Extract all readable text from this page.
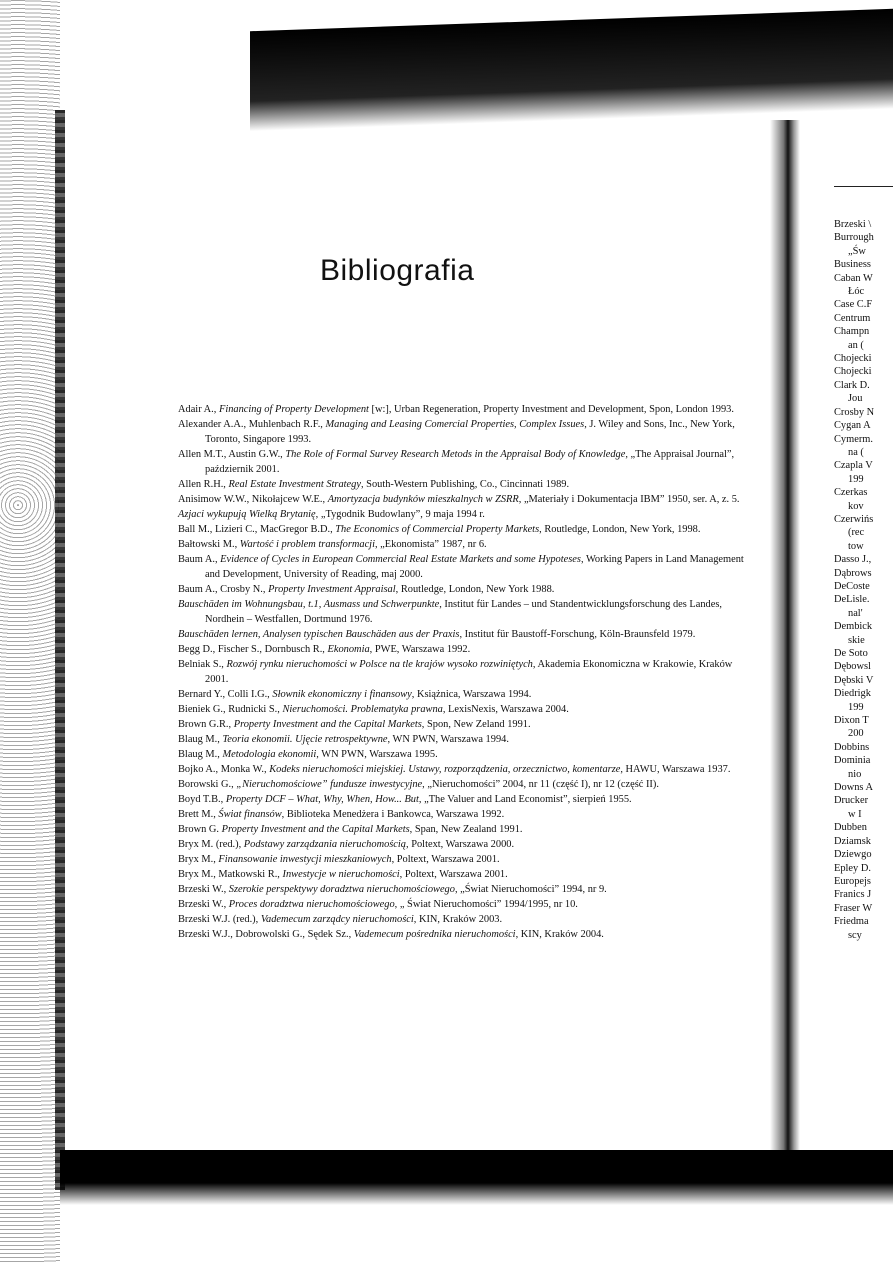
Bibliografia
Adair A., Financing of Property Development [w:], Urban Regeneration, Property Investment and Development, Spon, London 1993.
Alexander A.A., Muhlenbach R.F., Managing and Leasing Comercial Properties, Complex Issues, J. Wiley and Sons, Inc., New York, Toronto, Singapore 1993.
Allen M.T., Austin G.W., The Role of Formal Survey Research Metods in the Appraisal Body of Knowledge, „The Appraisal Journal”, październik 2001.
Allen R.H., Real Estate Investment Strategy, South-Western Publishing, Co., Cincinnati 1989.
Anisimow W.W., Nikołajcew W.E., Amortyzacja budynków mieszkalnych w ZSRR, „Materiały i Dokumentacja IBM” 1950, ser. A, z. 5.
Azjaci wykupują Wielką Brytanię, „Tygodnik Budowlany”, 9 maja 1994 r.
Ball M., Lizieri C., MacGregor B.D., The Economics of Commercial Property Markets, Routledge, London, New York, 1998.
Bałtowski M., Wartość i problem transformacji, „Ekonomista” 1987, nr 6.
Baum A., Evidence of Cycles in European Commercial Real Estate Markets and some Hypoteses, Working Papers in Land Management and Development, University of Reading, maj 2000.
Baum A., Crosby N., Property Investment Appraisal, Routledge, London, New York 1988.
Bauschäden im Wohnungsbau, t.1, Ausmass und Schwerpunkte, Institut für Landes – und Standentwicklungsforschung des Landes, Nordhein – Westfallen, Dortmund 1976.
Bauschäden lernen, Analysen typischen Bauschäden aus der Praxis, Institut für Baustoff-Forschung, Köln-Braunsfeld 1979.
Begg D., Fischer S., Dornbusch R., Ekonomia, PWE, Warszawa 1992.
Belniak S., Rozwój rynku nieruchomości w Polsce na tle krajów wysoko rozwiniętych, Akademia Ekonomiczna w Krakowie, Kraków 2001.
Bernard Y., Colli I.G., Słownik ekonomiczny i finansowy, Książnica, Warszawa 1994.
Bieniek G., Rudnicki S., Nieruchomości. Problematyka prawna, LexisNexis, Warszawa 2004.
Brown G.R., Property Investment and the Capital Markets, Spon, New Zeland 1991.
Blaug M., Teoria ekonomii. Ujęcie retrospektywne, WN PWN, Warszawa 1994.
Blaug M., Metodologia ekonomii, WN PWN, Warszawa 1995.
Bojko A., Monka W., Kodeks nieruchomości miejskiej. Ustawy, rozporządzenia, orzecznictwo, komentarze, HAWU, Warszawa 1937.
Borowski G., „Nieruchomościowe” fundusze inwestycyjne, „Nieruchomości” 2004, nr 11 (część I), nr 12 (część II).
Boyd T.B., Property DCF – What, Why, When, How... But, „The Valuer and Land Economist”, sierpień 1955.
Brett M., Świat finansów, Biblioteka Menedżera i Bankowca, Warszawa 1992.
Brown G. Property Investment and the Capital Markets, Span, New Zealand 1991.
Bryx M. (red.), Podstawy zarządzania nieruchomością, Poltext, Warszawa 2000.
Bryx M., Finansowanie inwestycji mieszkaniowych, Poltext, Warszawa 2001.
Bryx M., Matkowski R., Inwestycje w nieruchomości, Poltext, Warszawa 2001.
Brzeski W., Szerokie perspektywy doradztwa nieruchomościowego, „Świat Nieruchomości” 1994, nr 9.
Brzeski W., Proces doradztwa nieruchomościowego, „ Świat Nieruchomości” 1994/1995, nr 10.
Brzeski W.J. (red.), Vademecum zarządcy nieruchomości, KIN, Kraków 2003.
Brzeski W.J., Dobrowolski G., Sędek Sz., Vademecum pośrednika nieruchomości, KIN, Kraków 2004.
Brzeski \
Burrough
„Św
Business
Caban W
Łóc
Case C.F
Centrum
Champn
an (
Chojecki
Chojecki
Clark D.
Jou
Crosby N
Cygan A
Cymerm.
na (
Czapla V
199
Czerkas
kov
Czerwińs
(rec
tow
Dasso J.,
Dąbrows
DeCoste
DeLisle.
nal'
Dembick
skie
De Soto
Dębowsl
Dębski V
Diedrigk
199
Dixon T
200
Dobbins
Dominia
nio
Downs A
Drucker
w I
Dubben
Dziamsk
Dziewgo
Epley D.
Europejs
Franics J
Fraser W
Friedma
scy
